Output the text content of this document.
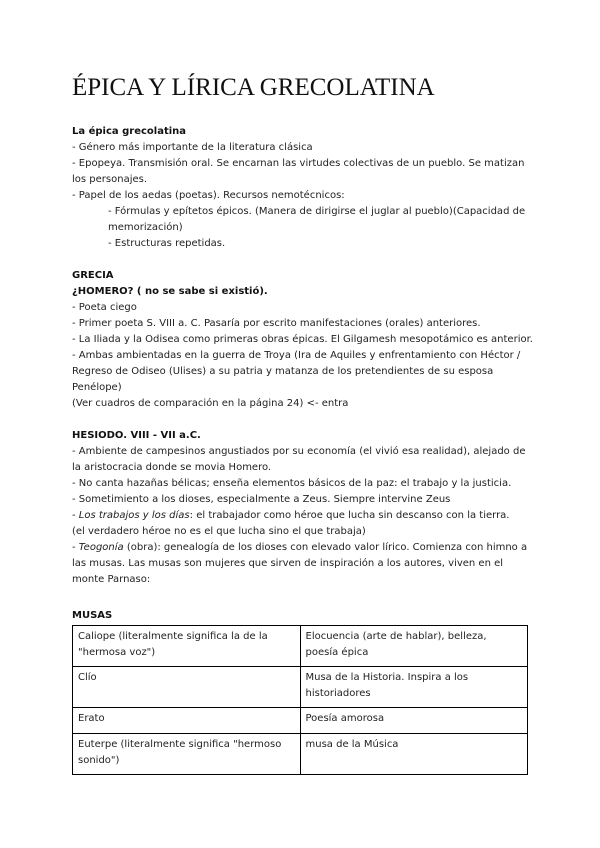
ÉPICA Y LÍRICA GRECOLATINA

La épica grecolatina

- Género más importante de la literatura clásica

- Epopeya. Transmisión oral. Se encarnan las virtudes colectivas de un pueblo. Se matizan los personajes.

- Papel de los aedas (poetas). Recursos nemotécnicos:

- Fórmulas y epítetos épicos. (Manera de dirigirse el juglar al pueblo)(Capacidad de memorización)

- Estructuras repetidas.

GRECIA

¿HOMERO? ( no se sabe si existió).

- Poeta ciego

- Primer poeta S. VIII a. C. Pasaría por escrito manifestaciones (orales) anteriores.

- La Iliada y la Odisea como primeras obras épicas. El Gilgamesh mesopotámico es anterior.

- Ambas ambientadas en la guerra de Troya (Ira de Aquiles y enfrentamiento con Héctor / Regreso de Odiseo (Ulises) a su patria y matanza de los pretendientes de su esposa Penélope)

(Ver cuadros de comparación en la página 24) <- entra

HESIODO. VIII - VII a.C.

- Ambiente de campesinos angustiados por su economía (el vivió esa realidad), alejado de la aristocracia donde se movia Homero.

- No canta hazañas bélicas; enseña elementos básicos de la paz: el trabajo y la justicia.

- Sometimiento a los dioses, especialmente a Zeus. Siempre intervine Zeus

- Los trabajos y los días: el trabajador como héroe que lucha sin descanso con la tierra.

(el verdadero héroe no es el que lucha sino el que trabaja)

- Teogonía (obra): genealogía de los dioses con elevado valor lírico. Comienza con himno a las musas. Las musas son mujeres que sirven de inspiración a los autores, viven en el monte Parnaso:

MUSAS

Caliope (literalmente significa la de la "hermosa voz")	Elocuencia (arte de hablar), belleza, poesía épica
Clío	Musa de la Historia. Inspira a los historiadores
Erato	Poesía amorosa
Euterpe (literalmente significa "hermoso sonido")	musa de la Música
